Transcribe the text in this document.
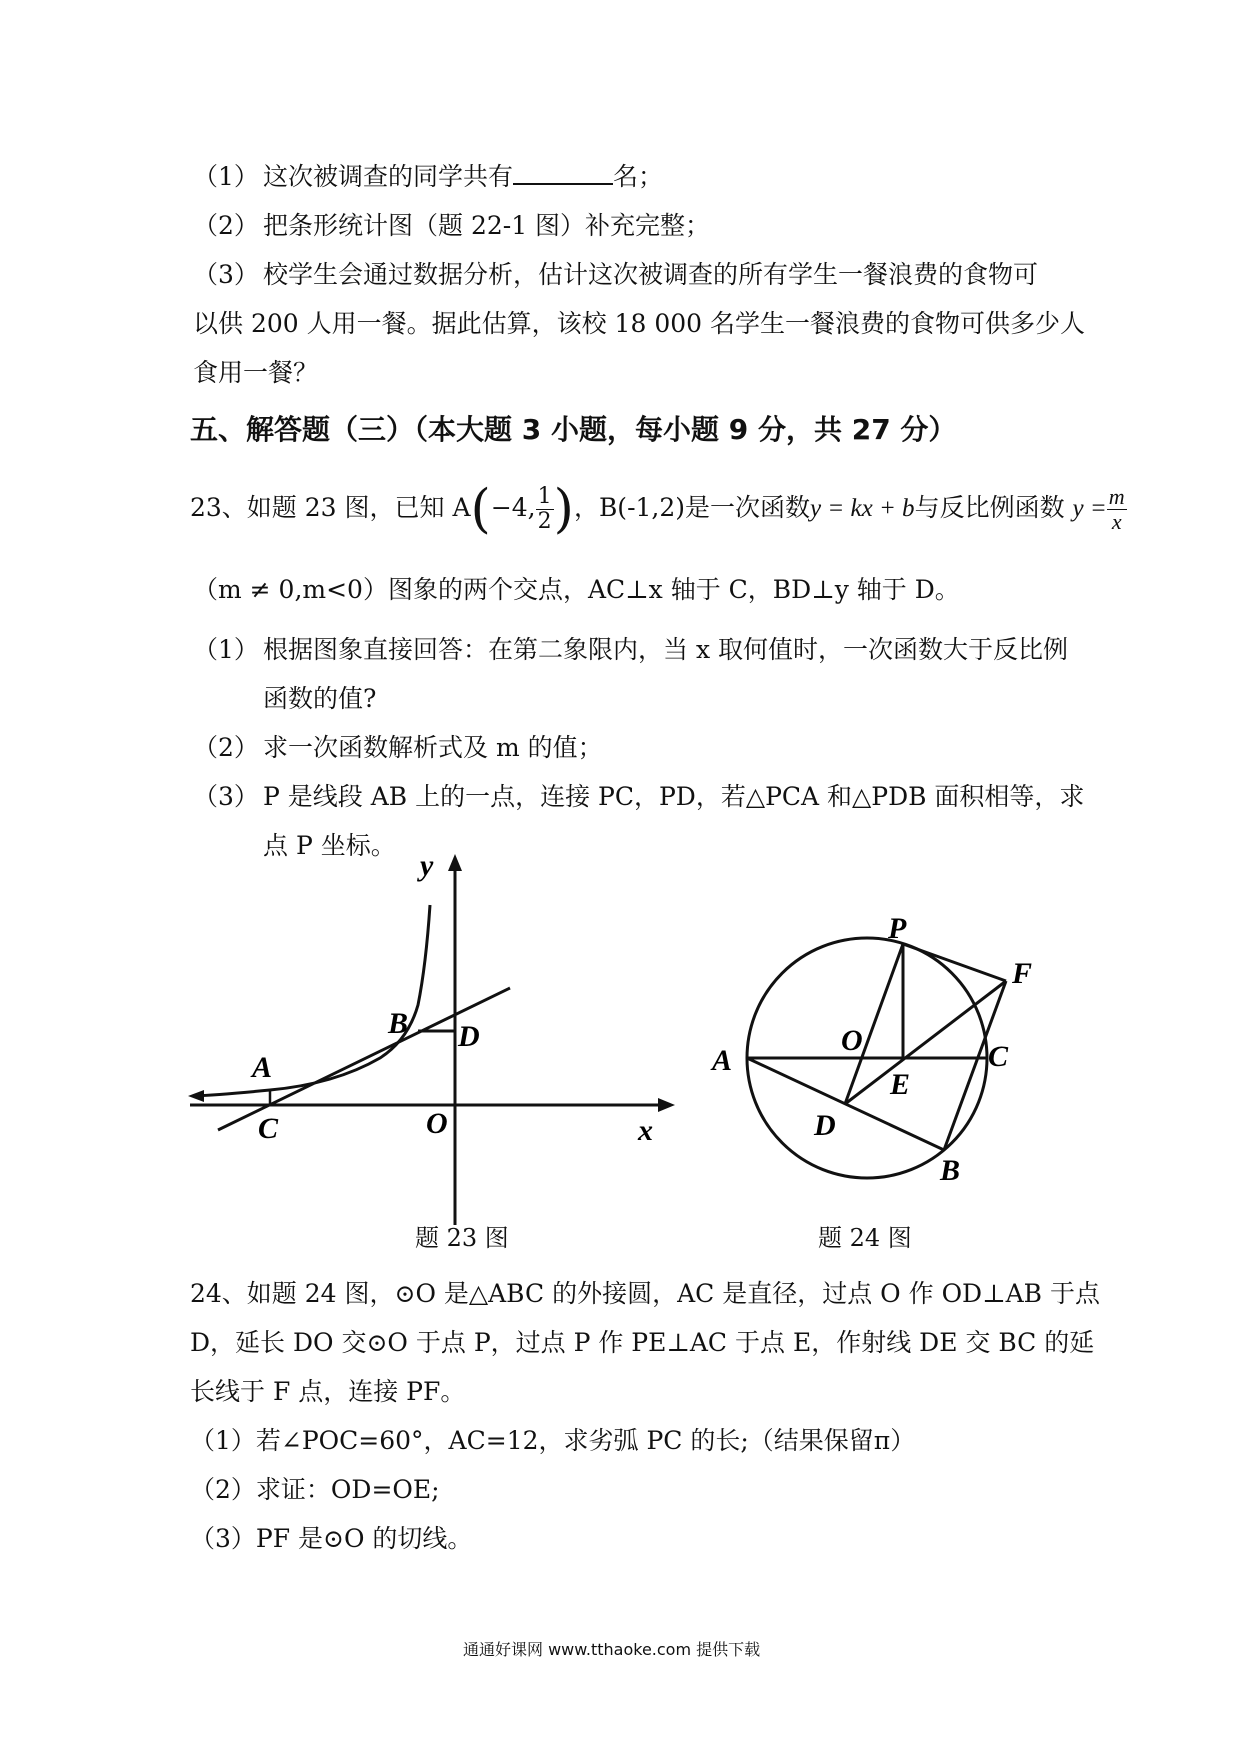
（1） 这次被调查的同学共有	名；
（2） 把条形统计图（题 22-1 图）补充完整；
（3） 校学生会通过数据分析，估计这次被调查的所有学生一餐浪费的食物可
以供 200 人用一餐。据此估算，该校 18 000 名学生一餐浪费的食物可供多少人
食用一餐？
五、解答题（三）（本大题 3 小题，每小题 9 分，共 27 分）
23、如题 23 图，已知 A(−4, $\frac{1}{2}$ )，B(-1,2)是一次函数y = kx + b与反比例函数 $y = \frac{m}{x}$
（m ≠ 0,m<0）图象的两个交点，AC⊥x 轴于 C，BD⊥y 轴于 D。
（1） 根据图象直接回答：在第二象限内，当 x 取何值时，一次函数大于反比例
函数的值?
（2） 求一次函数解析式及 m 的值；
（3） P 是线段 AB 上的一点，连接 PC，PD，若△PCA 和△PDB 面积相等，求
点 P 坐标。
y
x
B D
A
C	O
P
F
A
O	C
E
D
B
题 23 图	题 24 图
24、如题 24 图，⊙O 是△ABC 的外接圆，AC 是直径，过点 O 作 OD⊥AB 于点
D，延长 DO 交⊙O 于点 P，过点 P 作 PE⊥AC 于点 E，作射线 DE 交 BC 的延
长线于 F 点，连接 PF。
（1）若∠POC=60°，AC=12，求劣弧 PC 的长;（结果保留π）
（2）求证：OD=OE;
（3）PF 是⊙O 的切线。
通通好课网 www.tthaoke.com 提供下载
